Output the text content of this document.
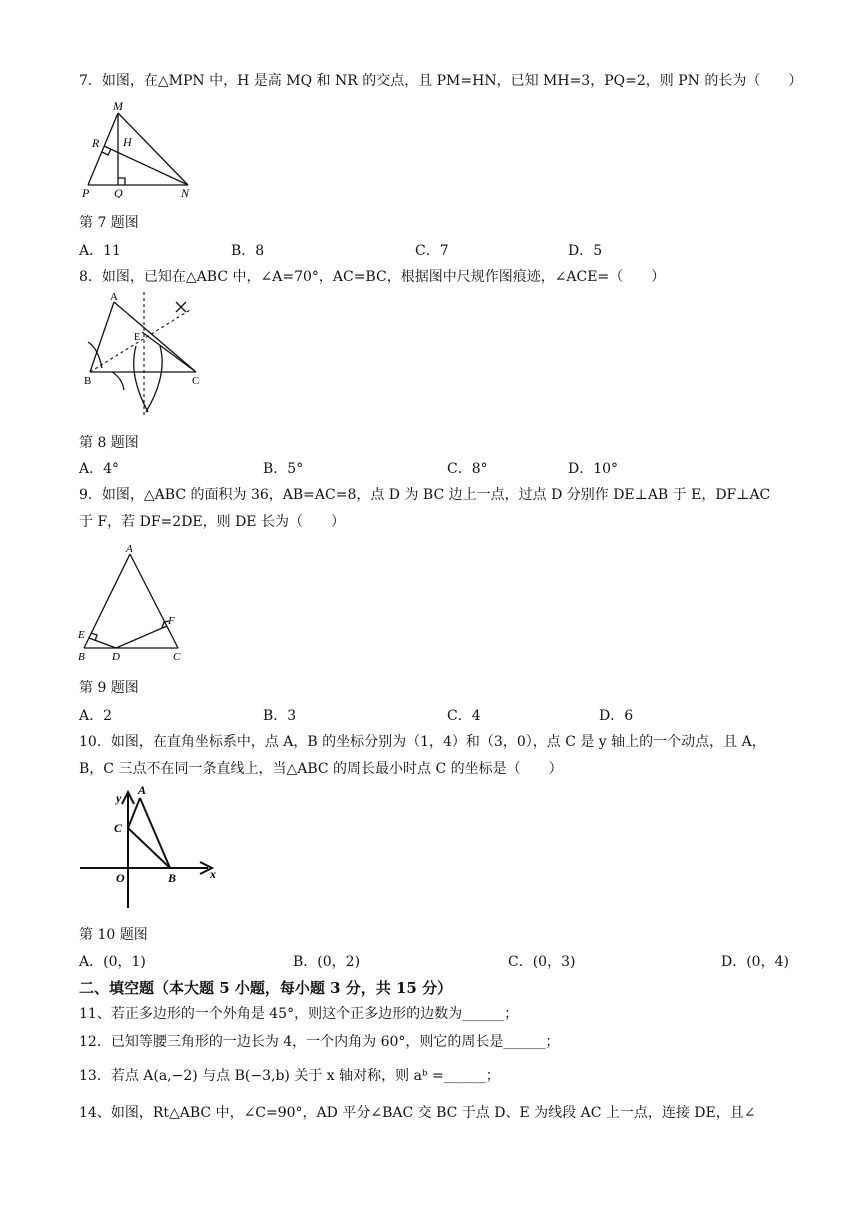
7．如图，在△MPN 中，H 是高 MQ 和 NR 的交点，且 PM=HN，已知 MH=3，PQ=2，则 PN 的长为（　　）
M
R H
P Q	N
第 7 题图
A．11	B．8	C．7	D．5
8．如图，已知在△ABC 中，∠A=70°，AC=BC，根据图中尺规作图痕迹，∠ACE=（　　）
A
E
B	C
第 8 题图
A．4°	B．5°	C．8°	D．10°
9．如图，△ABC 的面积为 36，AB=AC=8，点 D 为 BC 边上一点，过点 D 分别作 DE⊥AB 于 E，DF⊥AC
于 F，若 DF=2DE，则 DE 长为（　　）
A
E
F
B D	C
第 9 题图
A．2	B．3	C．4	D．6
10．如图，在直角坐标系中，点 A，B 的坐标分别为（1，4）和（3，0），点 C 是 y 轴上的一个动点，且 A，
B，C 三点不在同一条直线上，当△ABC 的周长最小时点 C 的坐标是（　　）
y
A
C
O	B	x
第 10 题图
A．(0，1)	B．(0，2)	C．(0，3)	D．(0，4)
二、填空题（本大题 5 小题，每小题 3 分，共 15 分）
11、若正多边形的一个外角是 45°，则这个正多边形的边数为______；
12．已知等腰三角形的一边长为 4，一个内角为 60°，则它的周长是______；
13．若点 A(a,−2) 与点 B(−3,b) 关于 x 轴对称，则 aᵇ =______；
14、如图，Rt△ABC 中，∠C=90°，AD 平分∠BAC 交 BC 于点 D、E 为线段 AC 上一点，连接 DE，且∠
